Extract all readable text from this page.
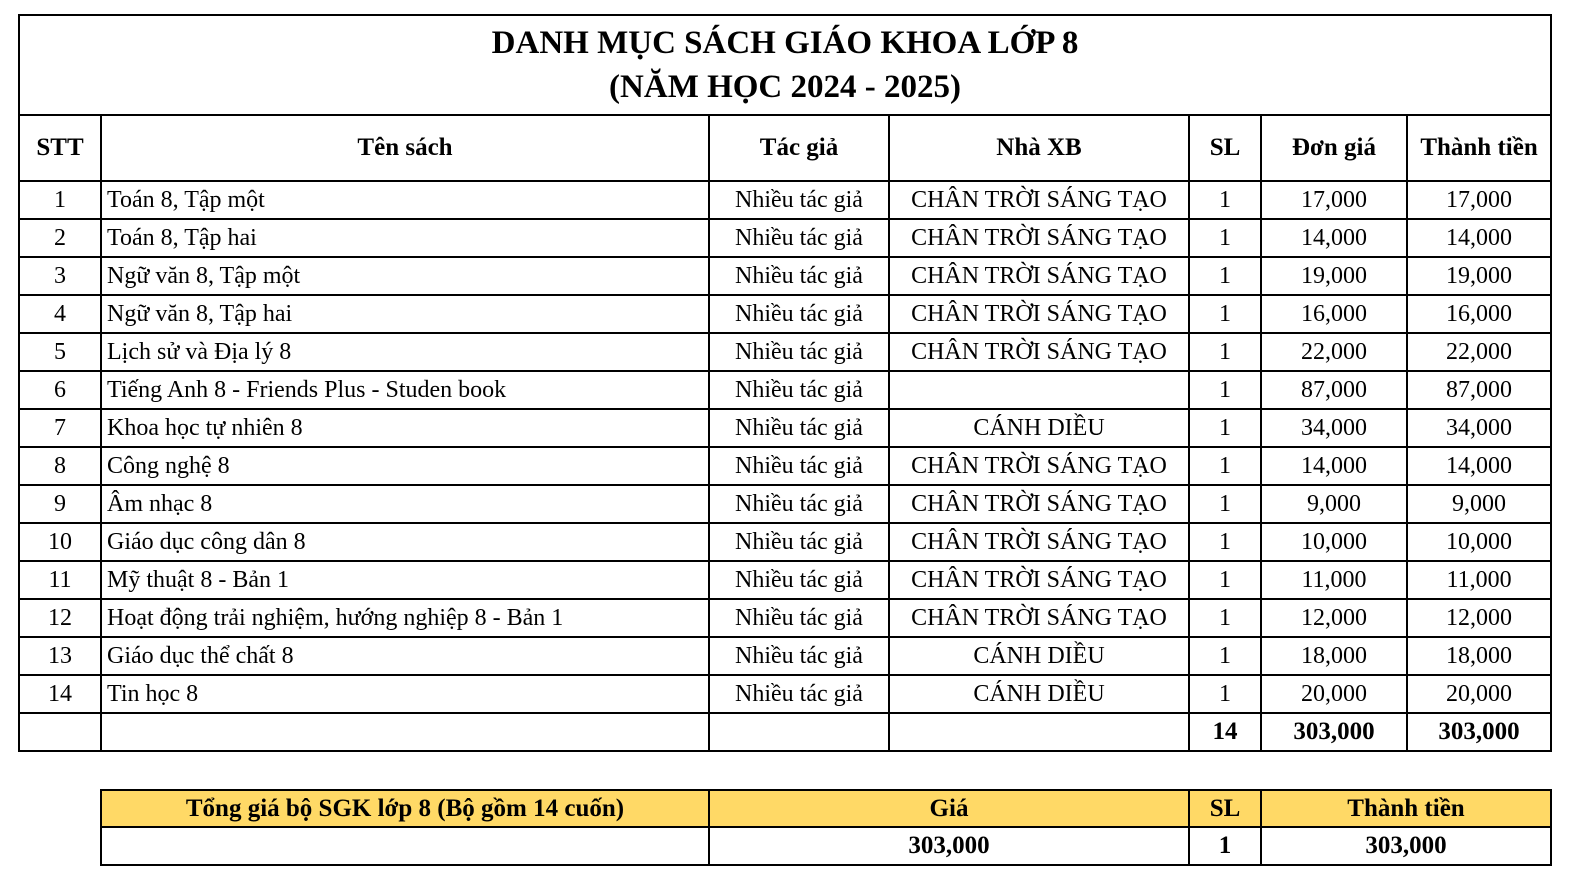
DANH MỤC SÁCH GIÁO KHOA LỚP 8
(NĂM HỌC 2024 - 2025)						

STT	Tên sách	Tác giả	Nhà XB	SL	Đơn giá	Thành tiền
1	Toán 8, Tập một	Nhiều tác giả	CHÂN TRỜI SÁNG TẠO	1	17,000	17,000
2	Toán 8, Tập hai	Nhiều tác giả	CHÂN TRỜI SÁNG TẠO	1	14,000	14,000
3	Ngữ văn 8, Tập một	Nhiều tác giả	CHÂN TRỜI SÁNG TẠO	1	19,000	19,000
4	Ngữ văn 8, Tập hai	Nhiều tác giả	CHÂN TRỜI SÁNG TẠO	1	16,000	16,000
5	Lịch sử và Địa lý 8	Nhiều tác giả	CHÂN TRỜI SÁNG TẠO	1	22,000	22,000
6	Tiếng Anh 8 - Friends Plus - Studen book	Nhiều tác giả		1	87,000	87,000
7	Khoa học tự nhiên 8	Nhiều tác giả	CÁNH DIỀU	1	34,000	34,000
8	Công nghệ 8	Nhiều tác giả	CHÂN TRỜI SÁNG TẠO	1	14,000	14,000
9	Âm nhạc 8	Nhiều tác giả	CHÂN TRỜI SÁNG TẠO	1	9,000	9,000
10	Giáo dục công dân 8	Nhiều tác giả	CHÂN TRỜI SÁNG TẠO	1	10,000	10,000
11	Mỹ thuật 8 - Bản 1	Nhiều tác giả	CHÂN TRỜI SÁNG TẠO	1	11,000	11,000
12	Hoạt động trải nghiệm, hướng nghiệp 8 - Bản 1	Nhiều tác giả	CHÂN TRỜI SÁNG TẠO	1	12,000	12,000
13	Giáo dục thể chất 8	Nhiều tác giả	CÁNH DIỀU	1	18,000	18,000
14	Tin học 8	Nhiều tác giả	CÁNH DIỀU	1	20,000	20,000
				14	303,000	303,000
Tổng giá bộ SGK lớp 8 (Bộ gồm 14 cuốn)	Giá	SL	Thành tiền
	303,000	1	303,000
